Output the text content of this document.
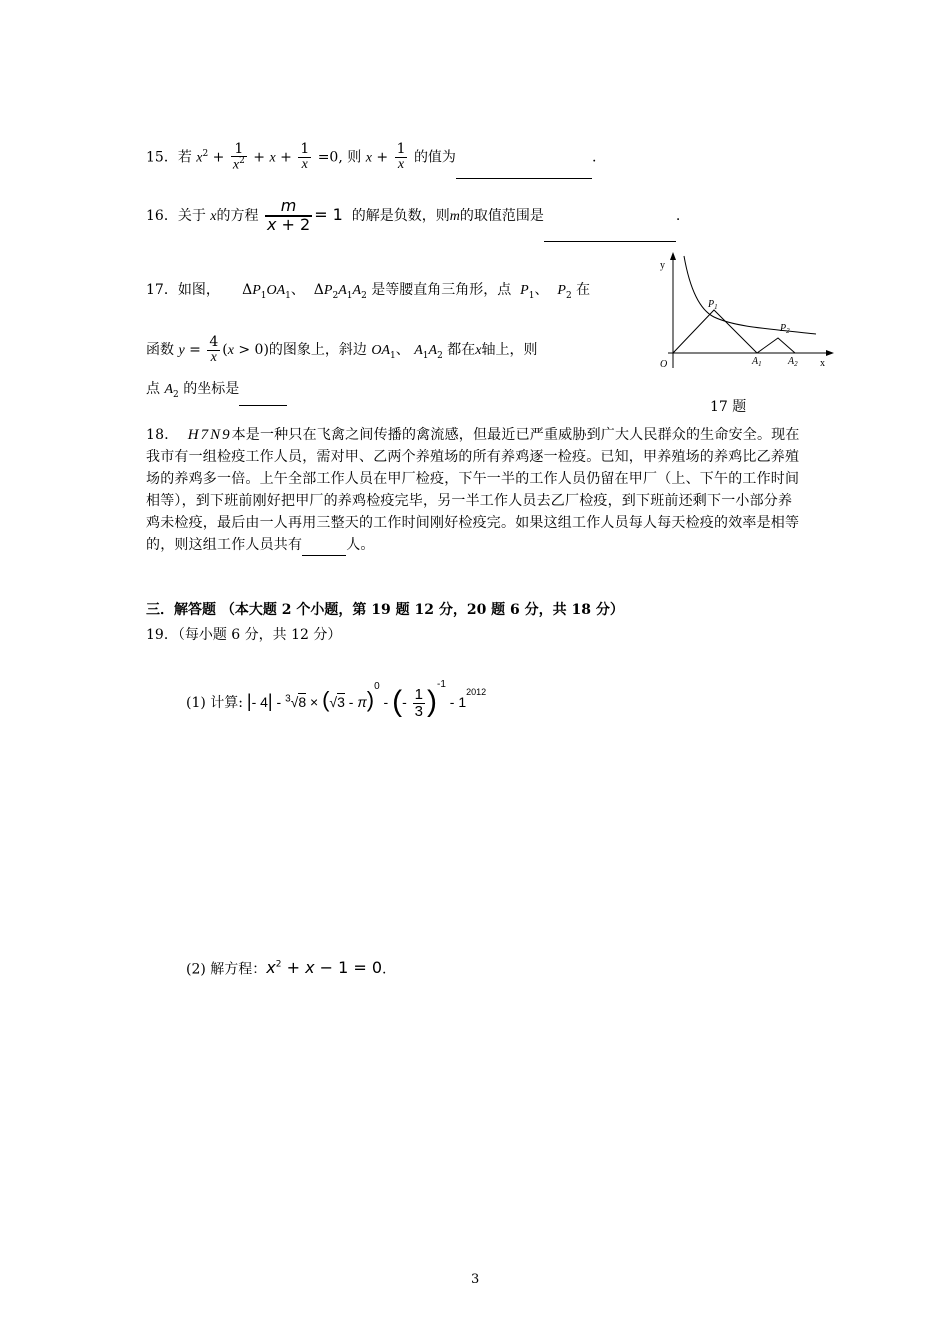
15．若 $x^2 + \frac{1}{x^2} + x + \frac{1}{x} =0$, 则 $x + \frac{1}{x}$ 的值为	.
16．关于 x的方程 $\frac{m}{x + 2} = 1$ 的解是负数，则m的取值范围是	.
17．如图，     $\Delta P_1OA_1$、  $\Delta P_2A_1A_2$ 是等腰直角三角形，点 $P_1$、 $P_2$ 在
函数 $y = \frac{4}{x} (x > 0)$的图象上，斜边 $OA_1$、 $A_1A_2$ 都在x轴上，则
点 $A_2$ 的坐标是
y
x
O
$P_1$
$P_2$
$A_1$	$A_2$
17 题
18． H7N9本是一种只在飞禽之间传播的禽流感，但最近已严重威胁到广大人民群众的生命安全。现在我市有一组检疫工作人员，需对甲、乙两个养殖场的所有养鸡逐一检疫。已知，甲养殖场的养鸡比乙养殖场的养鸡多一倍。上午全部工作人员在甲厂检疫，下午一半的工作人员仍留在甲厂（上、下午的工作时间相等），到下班前刚好把甲厂的养鸡检疫完毕，另一半工作人员去乙厂检疫，到下班前还剩下一小部分养鸡未检疫，最后由一人再用三整天的工作时间刚好检疫完。如果这组工作人员每人每天检疫的效率是相等的，则这组工作人员共有	人。
三．解答题 （本大题 2 个小题，第 19 题 12 分，20 题 6 分，共 18 分）
19．（每小题 6 分，共 12 分）
(1) 计算: |- 4| - $^3$√8 × (√3 - π)$^0$ - (- $\frac{1}{3} )^{-1} - 1^{2012}$
(2) 解方程：$x^2 + x - 1 = 0$.
3
